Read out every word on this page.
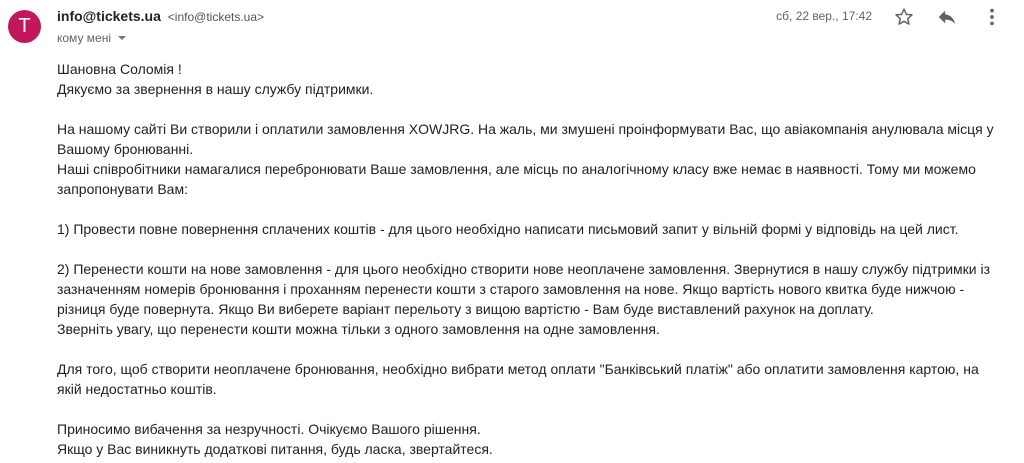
T	info@tickets.ua <info@tickets.ua>
кому мені
сб, 22 вер., 17:42

Шановна Соломія !

Дякуємо за звернення в нашу службу підтримки.

На нашому сайті Ви створили і оплатили замовлення XOWJRG. На жаль, ми змушені проінформувати Вас, що авіакомпанія анулювала місця у

Вашому бронюванні.

Наші співробітники намагалися перебронювати Ваше замовлення, але місць по аналогічному класу вже немає в наявності. Тому ми можемо

запропонувати Вам:

1) Провести повне повернення сплачених коштів - для цього необхідно написати письмовий запит у вільній формі у відповідь на цей лист.

2) Перенести кошти на нове замовлення - для цього необхідно створити нове неоплачене замовлення. Звернутися в нашу службу підтримки із

зазначенням номерів бронювання і проханням перенести кошти з старого замовлення на нове. Якщо вартість нового квитка буде нижчою -

різниця буде повернута. Якщо Ви виберете варіант перельоту з вищою вартістю - Вам буде виставлений рахунок на доплату.

Зверніть увагу, що перенести кошти можна тільки з одного замовлення на одне замовлення.

Для того, щоб створити неоплачене бронювання, необхідно вибрати метод оплати "Банківський платіж" або оплатити замовлення картою, на

якій недостатньо коштів.

Приносимо вибачення за незручності. Очікуємо Вашого рішення.

Якщо у Вас виникнуть додаткові питання, будь ласка, звертайтеся.
